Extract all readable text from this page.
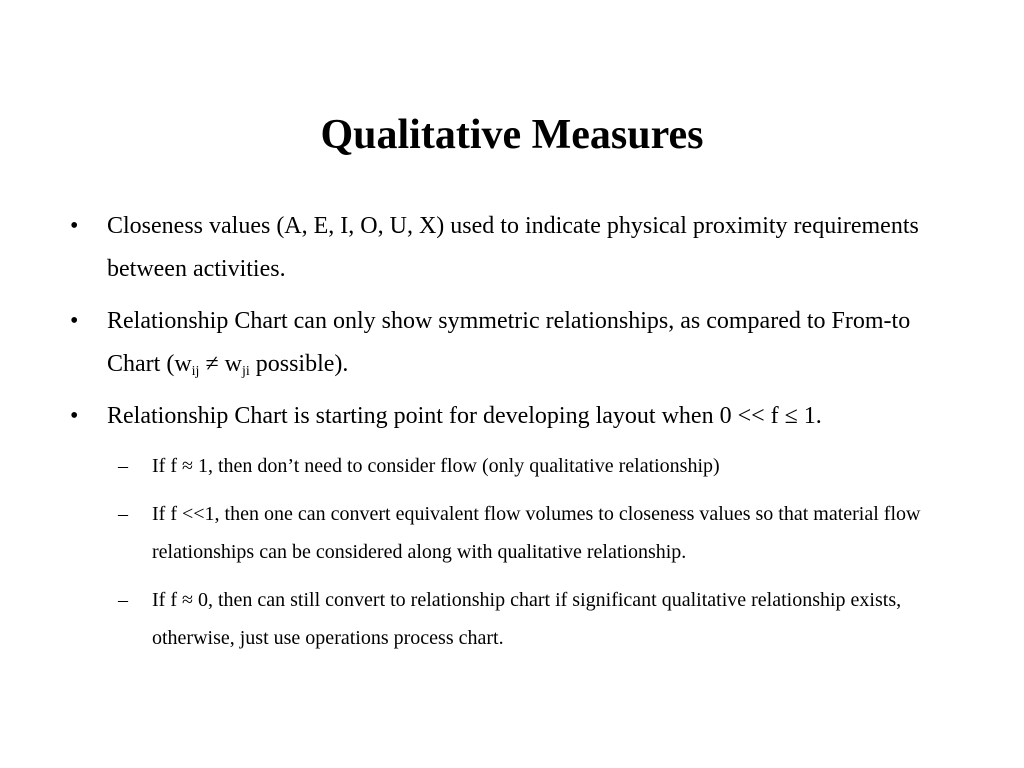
Qualitative Measures
• Closeness values (A, E, I, O, U, X) used to indicate physical proximity requirements between activities.
• Relationship Chart can only show symmetric relationships, as compared to From-to Chart ($w_{ij} \ne w_{ji}$ possible).
• Relationship Chart is starting point for developing layout when 0 << f ≤ 1.
– If f ≈ 1, then don’t need to consider flow (only qualitative relationship)
– If f <<1, then one can convert equivalent flow volumes to closeness values so that material flow relationships can be considered along with qualitative relationship.
– If f ≈ 0, then can still convert to relationship chart if significant qualitative relationship exists, otherwise, just use operations process chart.
